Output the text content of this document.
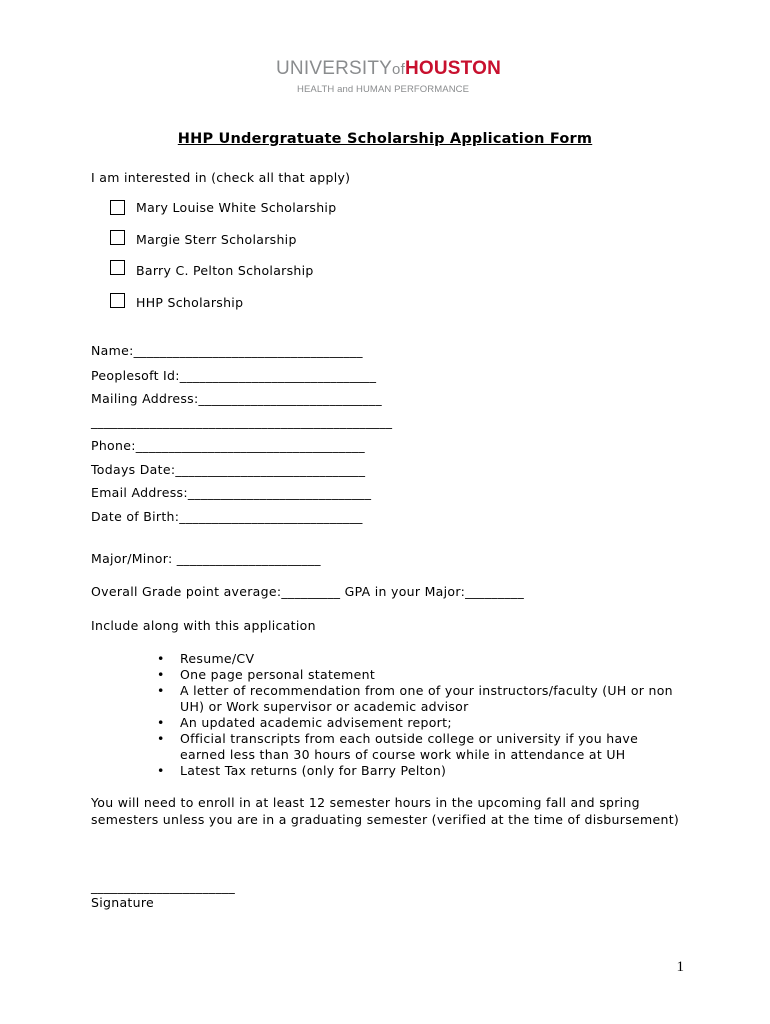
UNIVERSITYofHOUSTON
HEALTH and HUMAN PERFORMANCE
HHP Undergratuate Scholarship Application Form
I am interested in (check all that apply)
Mary Louise White Scholarship
Margie Sterr Scholarship
Barry C. Pelton Scholarship
HHP Scholarship
Name:___________________________________
Peoplesoft Id:______________________________
Mailing Address:____________________________
______________________________________________
Phone:___________________________________
Todays Date:_____________________________
Email Address:____________________________
Date of Birth:____________________________
Major/Minor: ______________________
Overall Grade point average:_________ GPA in your Major:_________
Include along with this application
• Resume/CV
• One page personal statement
• A letter of recommendation from one of your instructors/faculty (UH or non UH) or Work supervisor or academic advisor
• An updated academic advisement report;
• Official transcripts from each outside college or university if you have earned less than 30 hours of course work while in attendance at UH
• Latest Tax returns (only for Barry Pelton)
You will need to enroll in at least 12 semester hours in the upcoming fall and spring
semesters unless you are in a graduating semester (verified at the time of disbursement)
______________________
Signature
1
